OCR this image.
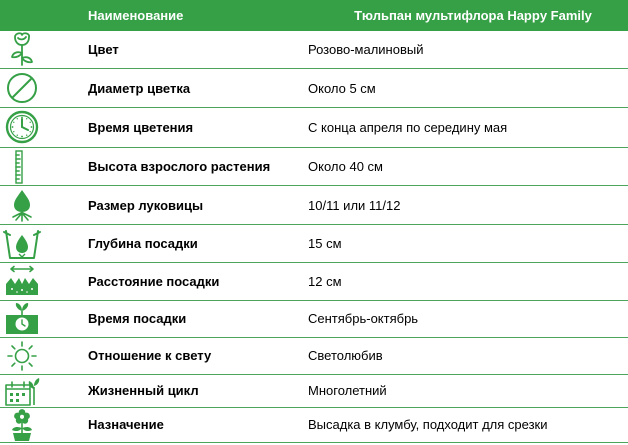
Наименование	Тюльпан мультифлора Happy Family
Цвет	Розово-малиновый
Диаметр цветка	Около 5 см
Время цветения	С конца апреля по середину мая
Высота взрослого растения	Около 40 см
Размер луковицы	10/11 или 11/12
Глубина посадки	15 см
Расстояние посадки	12 см
Время посадки	Сентябрь-октябрь
Отношение к свету	Светолюбив
Жизненный цикл	Многолетний
Назначение	Высадка в клумбу, подходит для срезки
